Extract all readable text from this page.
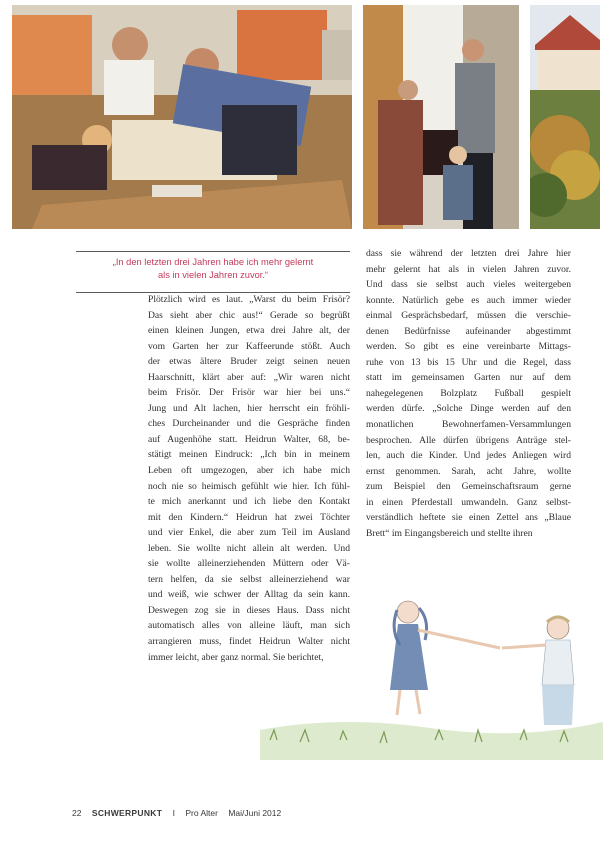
„In den letzten drei Jahren habe ich mehr gelernt
als in vielen Jahren zuvor.“
Plötzlich wird es laut. „Warst du beim Frisör?
Das sieht aber chic aus!“ Gerade so begrüßt
einen kleinen Jungen, etwa drei Jahre alt, der
vom Garten her zur Kaffeerunde stößt. Auch
der etwas ältere Bruder zeigt seinen neuen
Haarschnitt, klärt aber auf: „Wir waren nicht
beim Frisör. Der Frisör war hier bei uns.“
Jung und Alt lachen, hier herrscht ein fröhli-
ches Durcheinander und die Gespräche finden
auf Augenhöhe statt. Heidrun Walter, 68, be-
stätigt meinen Eindruck: „Ich bin in meinem
Leben oft umgezogen, aber ich habe mich
noch nie so heimisch gefühlt wie hier. Ich fühl-
te mich anerkannt und ich liebe den Kontakt
mit den Kindern.“ Heidrun hat zwei Töchter
und vier Enkel, die aber zum Teil im Ausland
leben. Sie wollte nicht allein alt werden. Und
sie wollte alleinerziehenden Müttern oder Vä-
tern helfen, da sie selbst alleinerziehend war
und weiß, wie schwer der Alltag da sein kann.
Deswegen zog sie in dieses Haus. Dass nicht
automatisch alles von alleine läuft, man sich
arrangieren muss, findet Heidrun Walter nicht
immer leicht, aber ganz normal. Sie berichtet,
dass sie während der letzten drei Jahre hier
mehr gelernt hat als in vielen Jahren zuvor.
Und dass sie selbst auch vieles weitergeben
konnte. Natürlich gebe es auch immer wieder
einmal Gesprächsbedarf, müssen die verschie-
denen Bedürfnisse aufeinander abgestimmt
werden. So gibt es eine vereinbarte Mittags-
ruhe von 13 bis 15 Uhr und die Regel, dass
statt im gemeinsamen Garten nur auf dem
nahegelegenen Bolzplatz Fußball gespielt
werden dürfe. „Solche Dinge werden auf den
monatlichen Bewohnerfamen-Versammlungen
besprochen. Alle dürfen übrigens Anträge stel-
len, auch die Kinder. Und jedes Anliegen wird
ernst genommen. Sarah, acht Jahre, wollte
zum Beispiel den Gemeinschaftsraum gerne
in einen Pferdestall umwandeln. Ganz selbst-
verständlich heftete sie einen Zettel ans „Blaue
Brett“ im Eingangsbereich und stellte ihren
22 SCHWERPUNKT I Pro Alter Mai/Juni 2012
